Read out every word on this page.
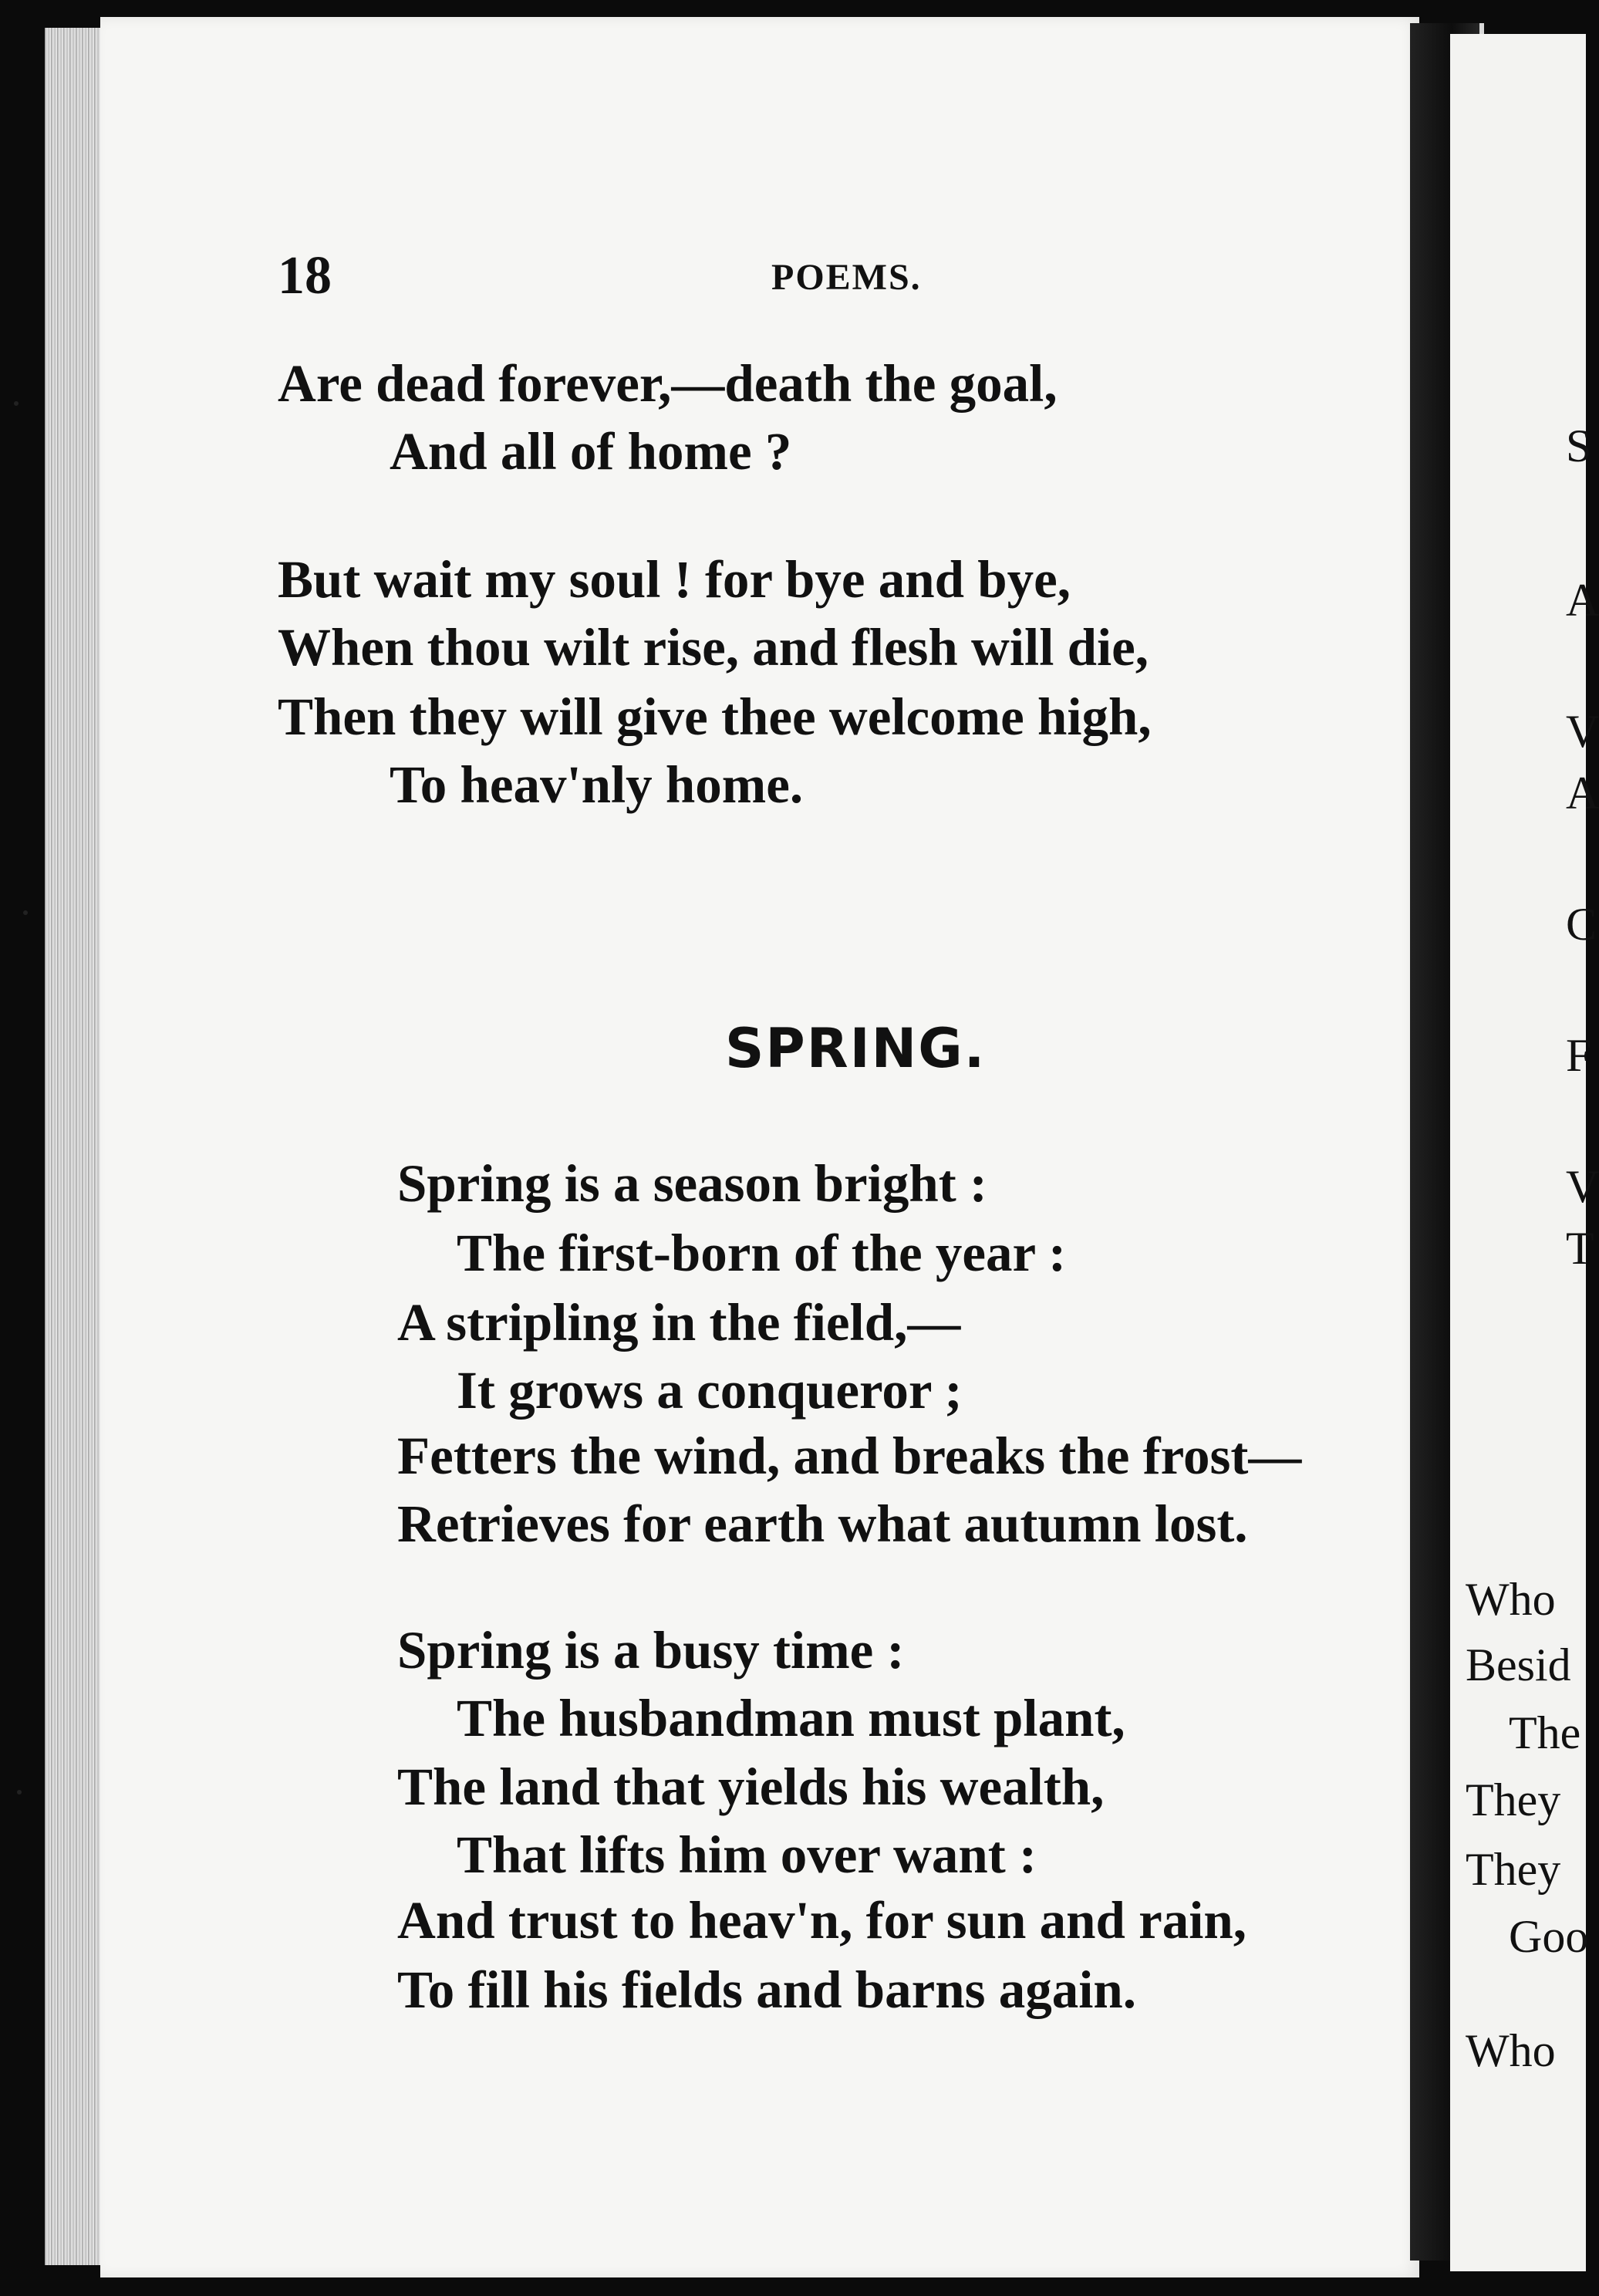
S
A
V
A
C
F
V
T
Who
Besid
The
They
They
Goo
Who
18	POEMS.
Are dead forever,—death the goal,
And all of home ?
But wait my soul ! for bye and bye,
When thou wilt rise, and flesh will die,
Then they will give thee welcome high,
To heav'nly home.
SPRING.
Spring is a season bright :
The first-born of the year :
A stripling in the field,—
It grows a conqueror ;
Fetters the wind, and breaks the frost—
Retrieves for earth what autumn lost.
Spring is a busy time :
The husbandman must plant,
The land that yields his wealth,
That lifts him over want :
And trust to heav'n, for sun and rain,
To fill his fields and barns again.
